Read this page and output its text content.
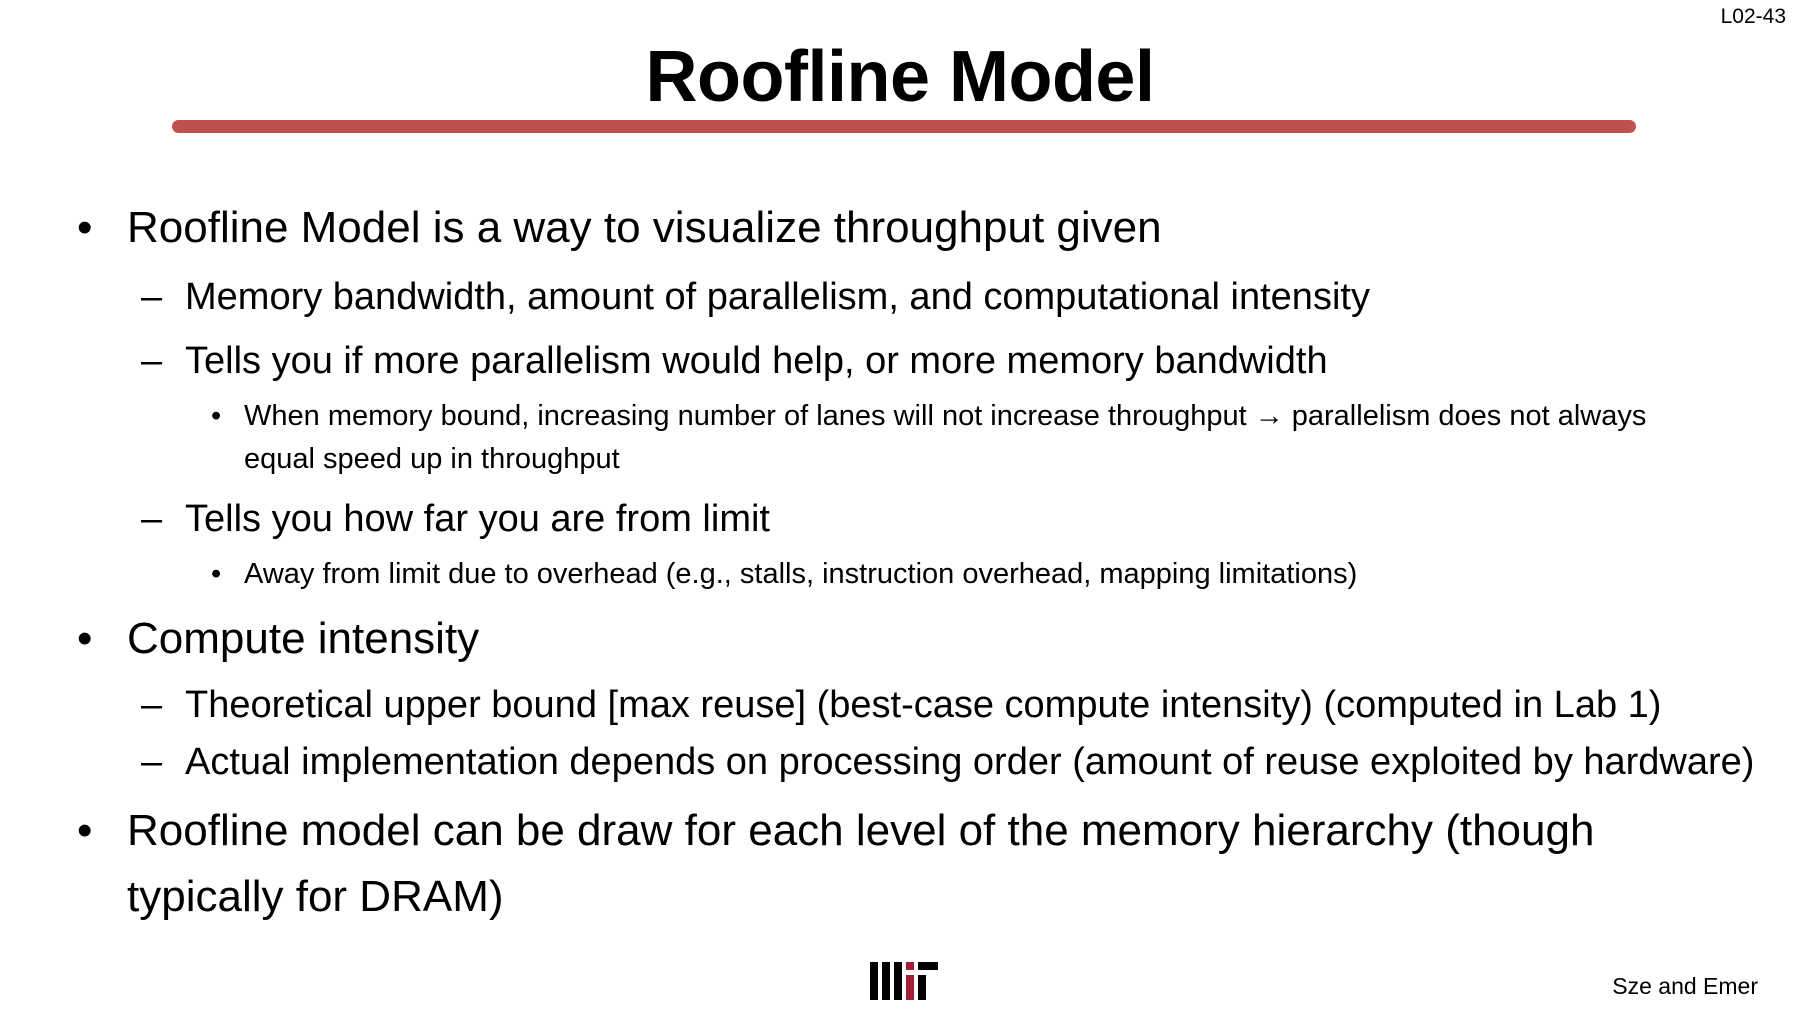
L02-43
Roofline Model
• Roofline Model is a way to visualize throughput given
– Memory bandwidth, amount of parallelism, and computational intensity
– Tells you if more parallelism would help, or more memory bandwidth
• When memory bound, increasing number of lanes will not increase throughput → parallelism does not always
equal speed up in throughput
– Tells you how far you are from limit
• Away from limit due to overhead (e.g., stalls, instruction overhead, mapping limitations)
• Compute intensity
– Theoretical upper bound [max reuse] (best-case compute intensity) (computed in Lab 1)
– Actual implementation depends on processing order (amount of reuse exploited by hardware)
• Roofline model can be draw for each level of the memory hierarchy (though
typically for DRAM)
Sze and Emer
